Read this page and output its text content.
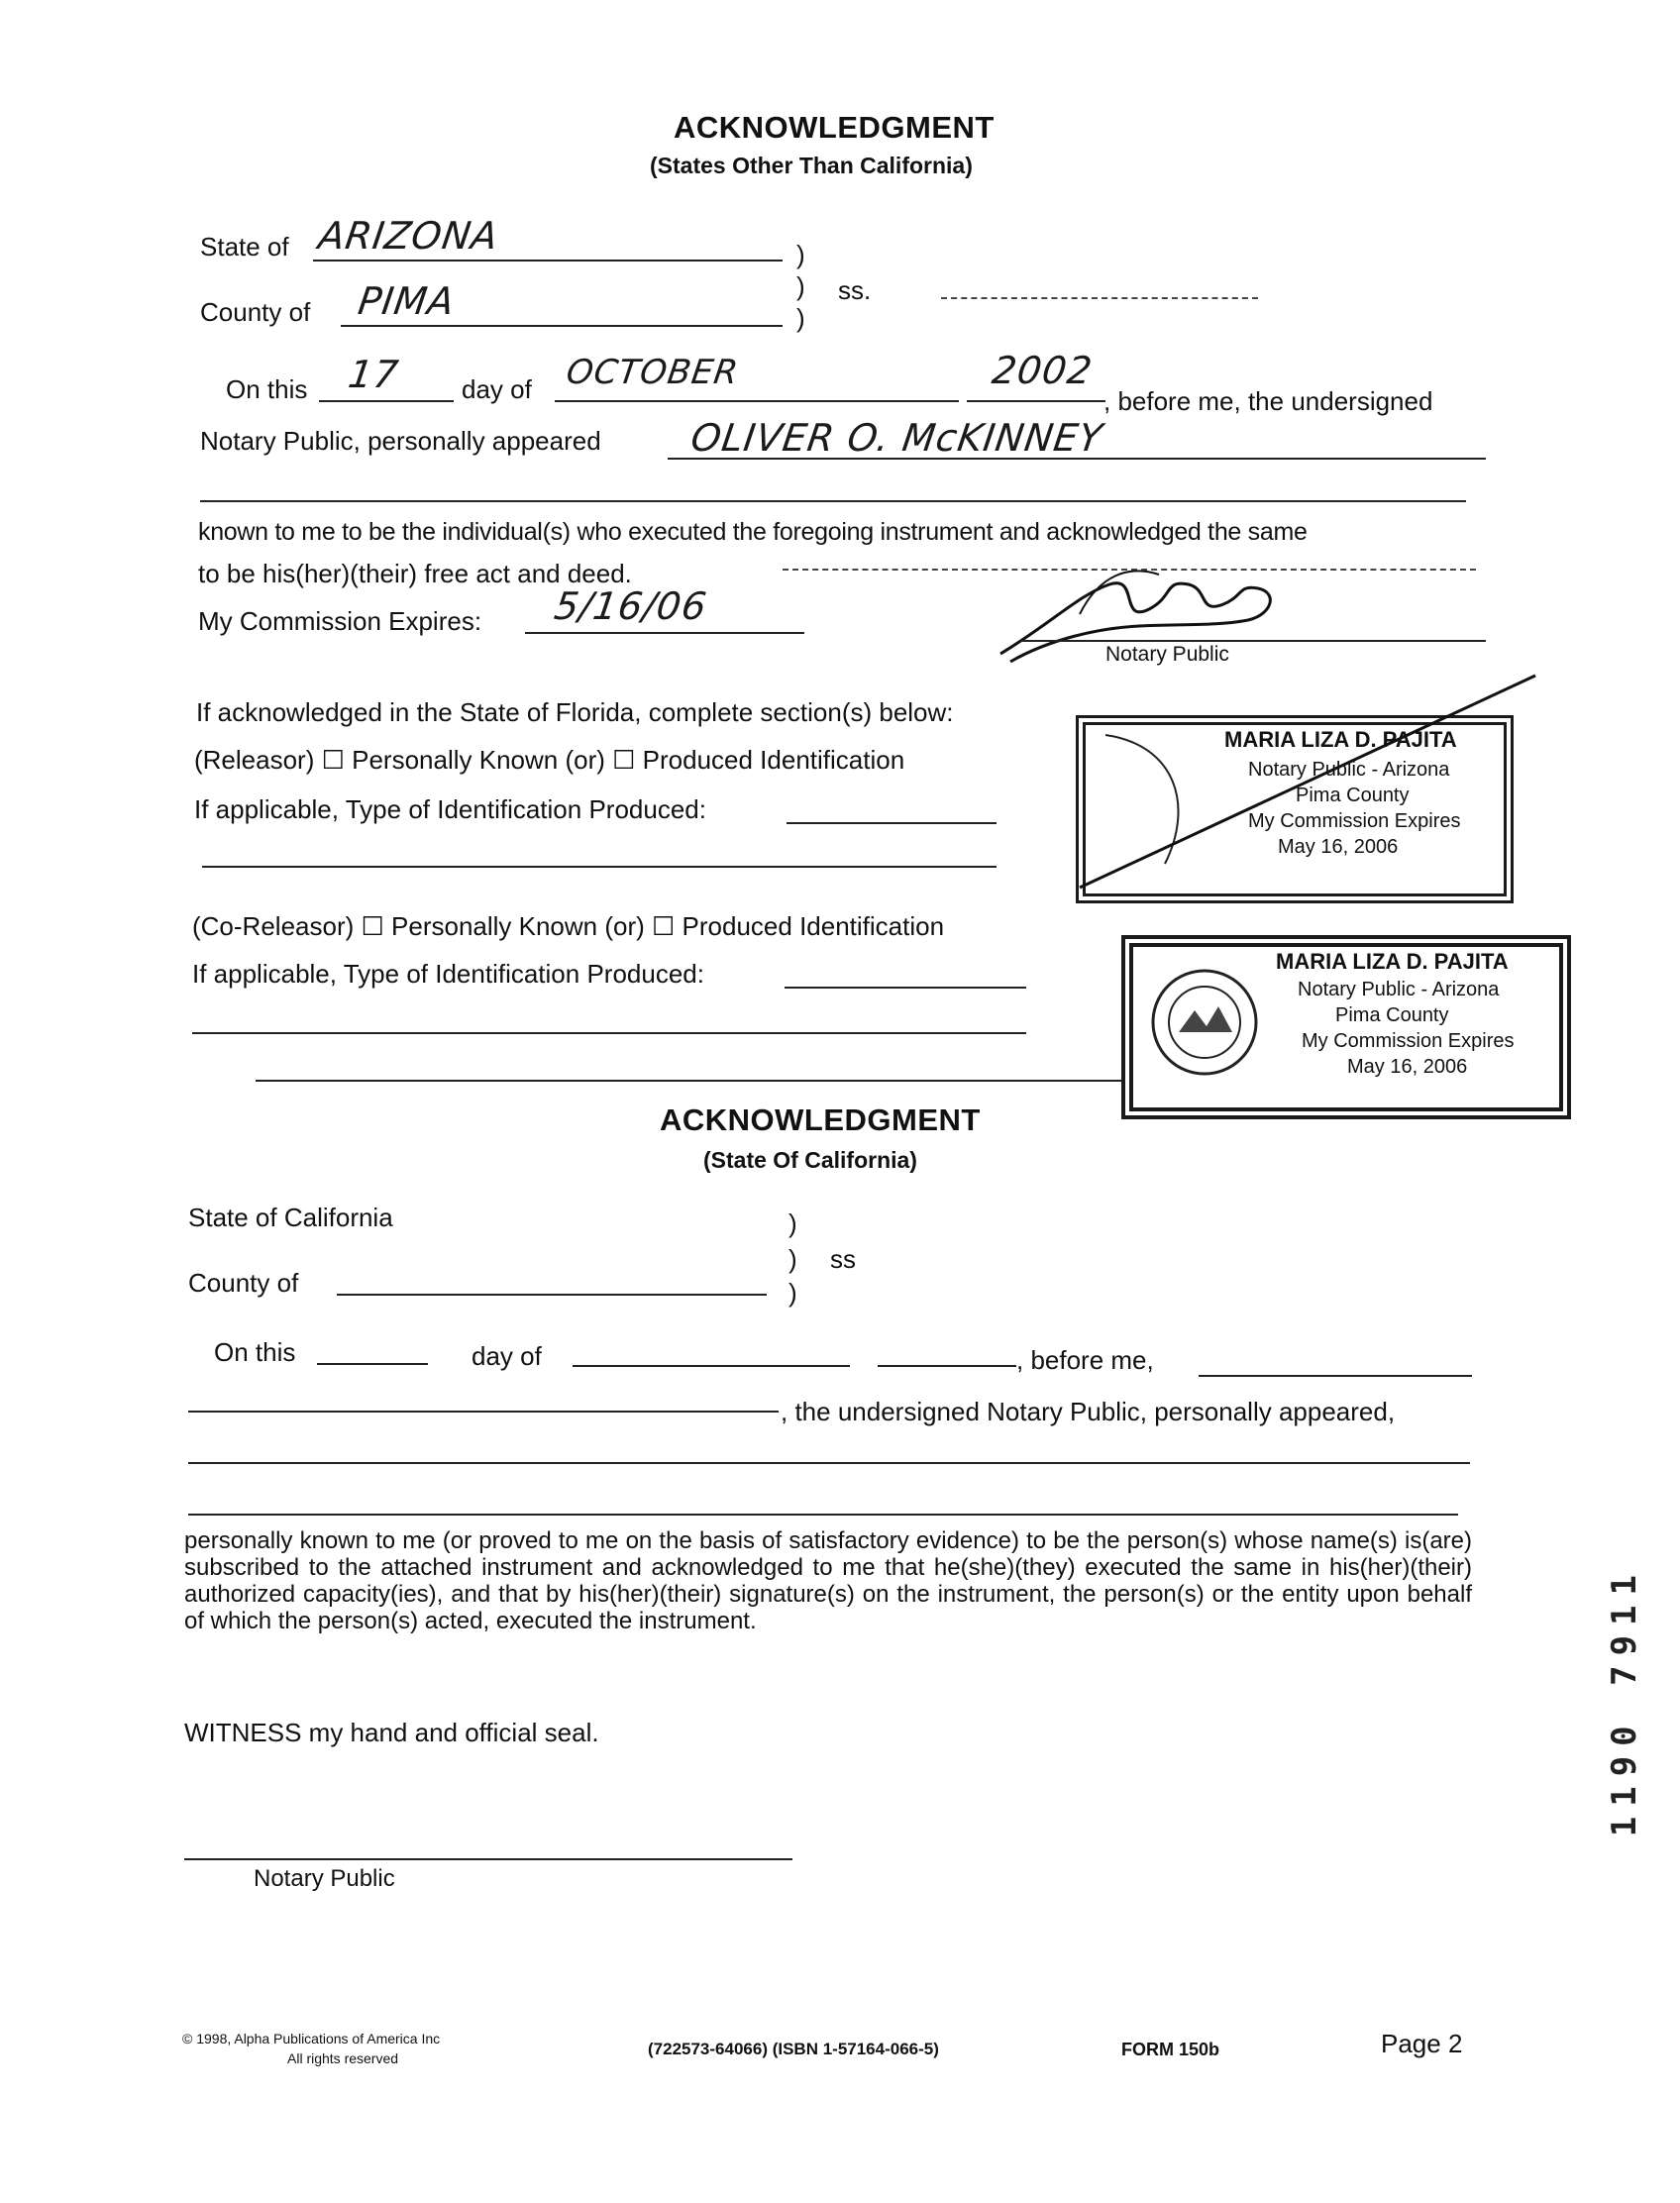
ACKNOWLEDGMENT
(States Other Than California)
State of ARIZONA	)
) ss.
)
County of PIMA
On this 17 day of OCTOBER	2002
, before me, the undersigned
Notary Public, personally appeared OLIVER O. McKINNEY
known to me to be the individual(s) who executed the foregoing instrument and acknowledged the same
to be his(her)(their) free act and deed.
My Commission Expires: 5/16/06
Notary Public
If acknowledged in the State of Florida, complete section(s) below:
(Releasor) ☐ Personally Known (or) ☐ Produced Identification
If applicable, Type of Identification Produced:
(Co-Releasor) ☐ Personally Known (or) ☐ Produced Identification
If applicable, Type of Identification Produced:
MARIA LIZA D. PAJITA
Notary Public - Arizona
Pima County
My Commission Expires
May 16, 2006
MARIA LIZA D. PAJITA
Notary Public - Arizona
Pima County
My Commission Expires
May 16, 2006
ACKNOWLEDGMENT
(State Of California)
State of California	)
) ss
)
County of
On this	day of	, before me,
, the undersigned Notary Public, personally appeared,
personally known to me (or proved to me on the basis of satisfactory evidence) to be the person(s) whose name(s) is(are) subscribed to the attached instrument and acknowledged to me that he(she)(they) executed the same in his(her)(their) authorized capacity(ies), and that by his(her)(their) signature(s) on the instrument, the person(s) or the entity upon behalf of which the person(s) acted, executed the instrument.
WITNESS my hand and official seal.
Notary Public
© 1998, Alpha Publications of America Inc
All rights reserved	(722573-64066) (ISBN 1-57164-066-5)	FORM 150b	Page 2
1190 7911
